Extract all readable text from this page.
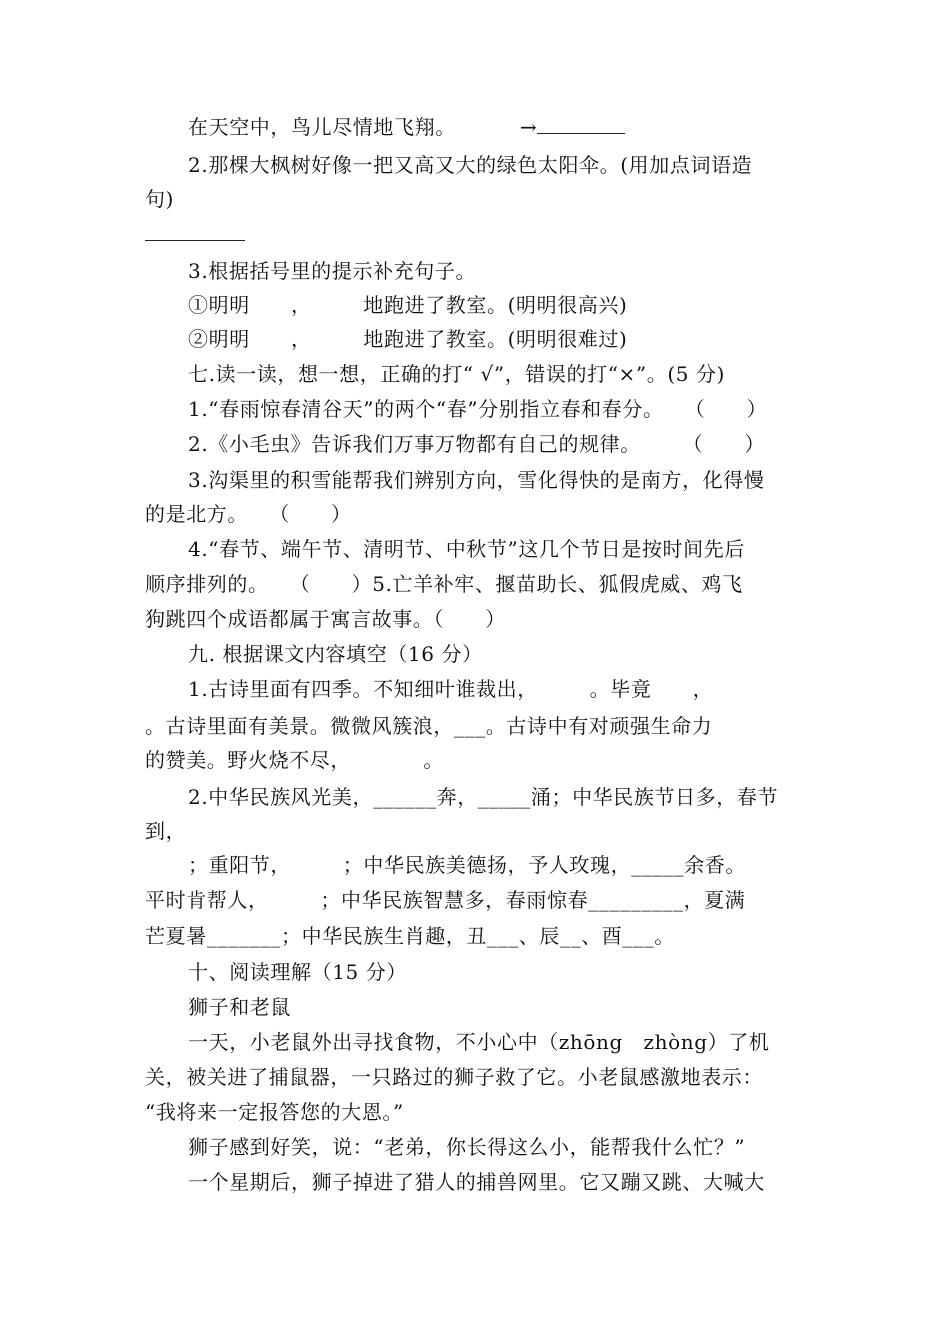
在天空中，鸟儿尽情地飞翔。	→
2.那棵大枫树好像一把又高又大的绿色太阳伞。(用加点词语造
句)
3.根据括号里的提示补充句子。
①明明　　，　　　地跑进了教室。(明明很高兴)
②明明　　，　　　地跑进了教室。(明明很难过)
七.读一读，想一想，正确的打“ √”，错误的打“×”。(5 分)
1.“春雨惊春清谷天”的两个“春”分别指立春和春分。　　（　　）
2.《小毛虫》告诉我们万事万物都有自己的规律。　　　（　　）
3.沟渠里的积雪能帮我们辨别方向，雪化得快的是南方，化得慢
的是北方。　　（　　）
4.“春节、端午节、清明节、中秋节”这几个节日是按时间先后
顺序排列的。　　（　　）5.亡羊补牢、揠苗助长、狐假虎威、鸡飞
狗跳四个成语都属于寓言故事。（　　）
九. 根据课文内容填空（16 分）
1.古诗里面有四季。不知细叶谁裁出，　　　。毕竟　　，
。古诗里面有美景。微微风簇浪，___。古诗中有对顽强生命力
的赞美。野火烧不尽，　　　　。
2.中华民族风光美，______奔，_____涌；中华民族节日多，春节
到，
；重阳节，　　　；中华民族美德扬，予人玫瑰，_____余香。
平时肯帮人，　　　；中华民族智慧多，春雨惊春_________，夏满
芒夏暑_______；中华民族生肖趣，丑___、辰__、酉___。
十、阅读理解（15 分）
狮子和老鼠
一天，小老鼠外出寻找食物，不小心中（zhōng　zhòng）了机
关，被关进了捕鼠器，一只路过的狮子救了它。小老鼠感激地表示：
“我将来一定报答您的大恩。”
狮子感到好笑，说：“老弟，你长得这么小，能帮我什么忙？”
一个星期后，狮子掉进了猎人的捕兽网里。它又蹦又跳、大喊大
